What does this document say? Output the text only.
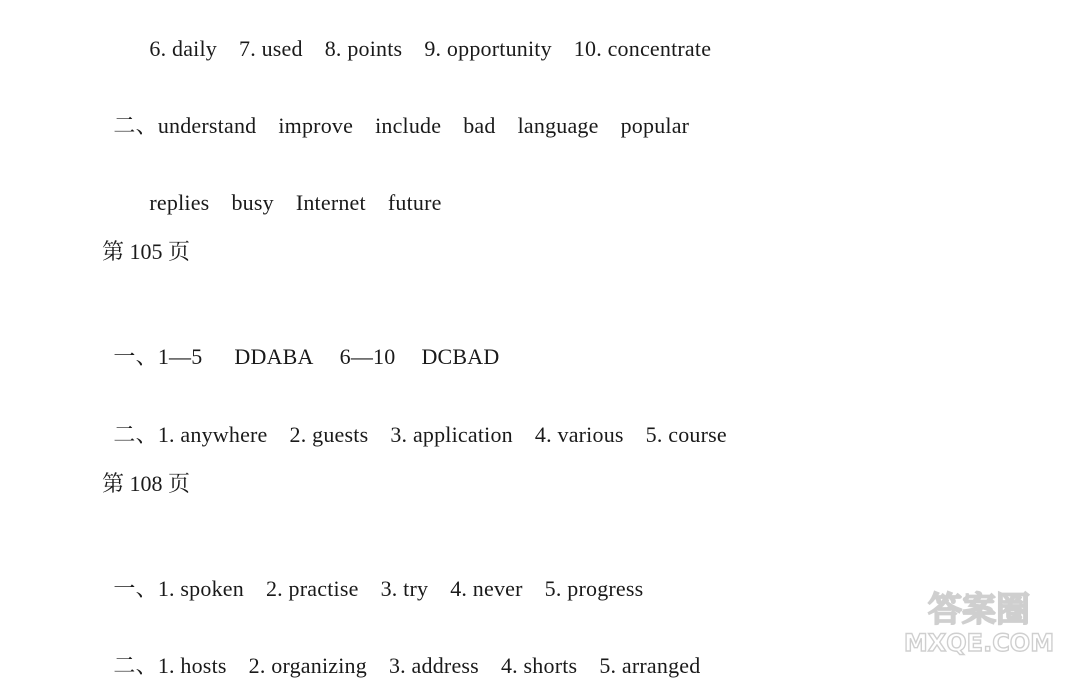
6. daily 7. used 8. points 9. opportunity 10. concentrate

二、understand improve include bad language popular

replies busy Internet future

第 105 页

一、1—5 DDABA 6—10 DCBAD

二、1. anywhere 2. guests 3. application 4. various 5. course

第 108 页

一、1. spoken 2. practise 3. try 4. never 5. progress

二、1. hosts 2. organizing 3. address 4. shorts 5. arranged

答案圈
MXQE.COM
